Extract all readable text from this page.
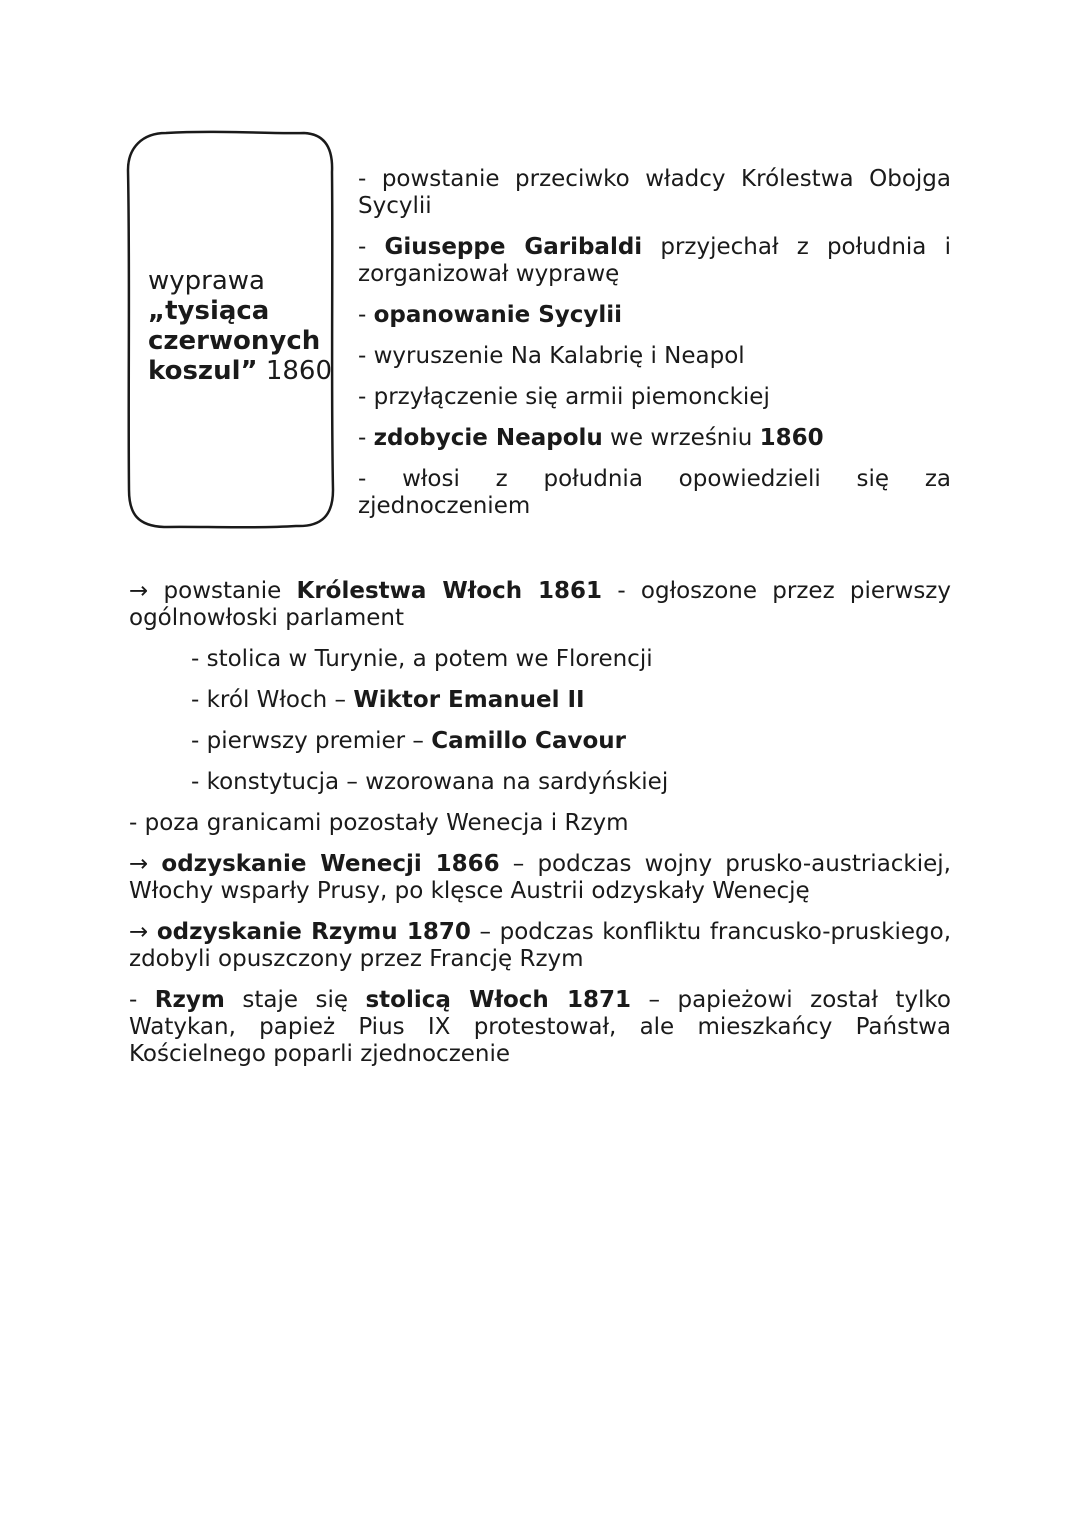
wyprawa
„tysiąca
czerwonych
koszul” 1860
- powstanie przeciwko władcy Królestwa Obojga Sycylii
- Giuseppe Garibaldi przyjechał z południa i zorganizował wyprawę
- opanowanie Sycylii
- wyruszenie Na Kalabrię i Neapol
- przyłączenie się armii piemonckiej
- zdobycie Neapolu we wrześniu 1860
- włosi z południa opowiedzieli się za zjednoczeniem
→ powstanie Królestwa Włoch 1861 - ogłoszone przez pierwszy ogólnowłoski parlament
- stolica w Turynie, a potem we Florencji
- król Włoch – Wiktor Emanuel II
- pierwszy premier – Camillo Cavour
- konstytucja – wzorowana na sardyńskiej
- poza granicami pozostały Wenecja i Rzym
→ odzyskanie Wenecji 1866 – podczas wojny prusko-austriackiej, Włochy wsparły Prusy, po klęsce Austrii odzyskały Wenecję
→ odzyskanie Rzymu 1870 – podczas konfliktu francusko-pruskiego, zdobyli opuszczony przez Francję Rzym
- Rzym staje się stolicą Włoch 1871 – papieżowi został tylko Watykan, papież Pius IX protestował, ale mieszkańcy Państwa Kościelnego poparli zjednoczenie
